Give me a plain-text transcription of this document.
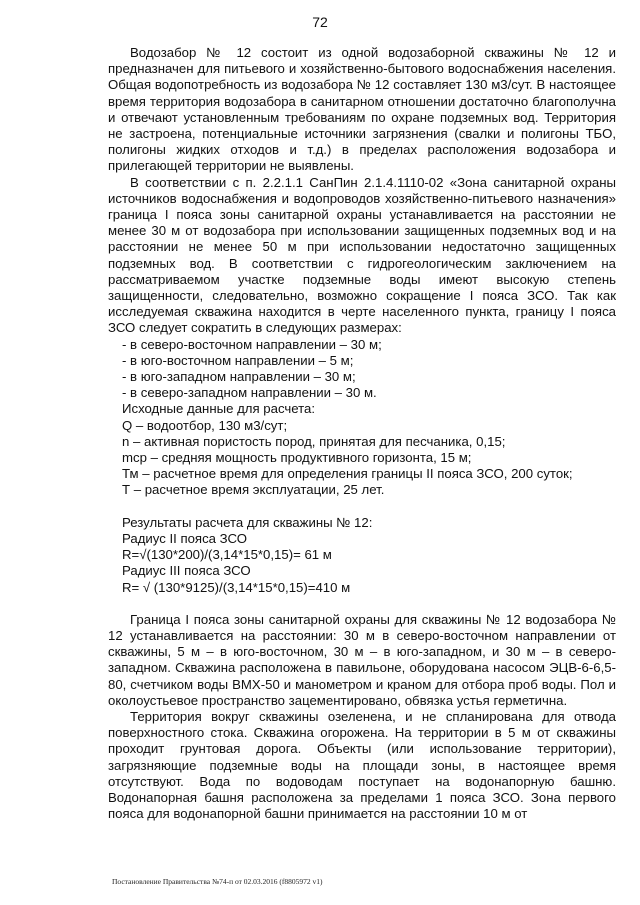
72

Водозабор № 12 состоит из одной водозаборной скважины № 12 и предназначен для питьевого и хозяйственно-бытового водоснабжения населения. Общая водопотребность из водозабора № 12 составляет 130 м3/сут. В настоящее время территория водозабора в санитарном отношении достаточно благополучна и отвечают установленным требованиям по охране подземных вод. Территория не застроена, потенциальные источники загрязнения (свалки и полигоны ТБО, полигоны жидких отходов и т.д.) в пределах расположения водозабора и прилегающей территории не выявлены.

В соответствии с п. 2.2.1.1 СанПин 2.1.4.1110-02 «Зона санитарной охраны источников водоснабжения и водопроводов хозяйственно-питьевого назначения» граница I пояса зоны санитарной охраны устанавливается на расстоянии не менее 30 м от водозабора при использовании защищенных подземных вод и на расстоянии не менее 50 м при использовании недостаточно защищенных подземных вод. В соответствии с гидрогеологическим заключением на рассматриваемом участке подземные воды имеют высокую степень защищенности, следовательно, возможно сокращение I пояса ЗСО. Так как исследуемая скважина находится в черте населенного пункта, границу I пояса ЗСО следует сократить в следующих размерах:

- в северо-восточном направлении – 30 м;

- в юго-восточном направлении – 5 м;

- в юго-западном направлении – 30 м;

- в северо-западном направлении – 30 м.

Исходные данные для расчета:

Q – водоотбор, 130 м3/сут;

n – активная пористость пород, принятая для песчаника, 0,15;

mср – средняя мощность продуктивного горизонта, 15 м;

Тм – расчетное время для определения границы II пояса ЗСО, 200 суток;

Т – расчетное время эксплуатации, 25 лет.

Результаты расчета для скважины № 12:

Радиус II пояса ЗСО

R=√(130*200)/(3,14*15*0,15)= 61 м

Радиус III пояса ЗСО

R= √ (130*9125)/(3,14*15*0,15)=410 м

Граница I пояса зоны санитарной охраны для скважины № 12 водозабора № 12 устанавливается на расстоянии: 30 м в северо-восточном направлении от скважины, 5 м – в юго-восточном, 30 м – в юго-западном, и 30 м – в северо-западном. Скважина расположена в павильоне, оборудована насосом ЭЦВ-6-6,5-80, счетчиком воды ВМХ-50 и манометром и краном для отбора проб воды. Пол и околоустьевое пространство зацементировано, обвязка устья герметична.

Территория вокруг скважины озеленена, и не спланирована для отвода поверхностного стока. Скважина огорожена. На территории в 5 м от скважины проходит грунтовая дорога. Объекты (или использование территории), загрязняющие подземные воды на площади зоны, в настоящее время отсутствуют. Вода по водоводам поступает на водонапорную башню. Водонапорная башня расположена за пределами 1 пояса ЗСО. Зона первого пояса для водонапорной башни принимается на расстоянии 10 м от

Постановление Правительства №74-п от 02.03.2016 (f8805972 v1)
